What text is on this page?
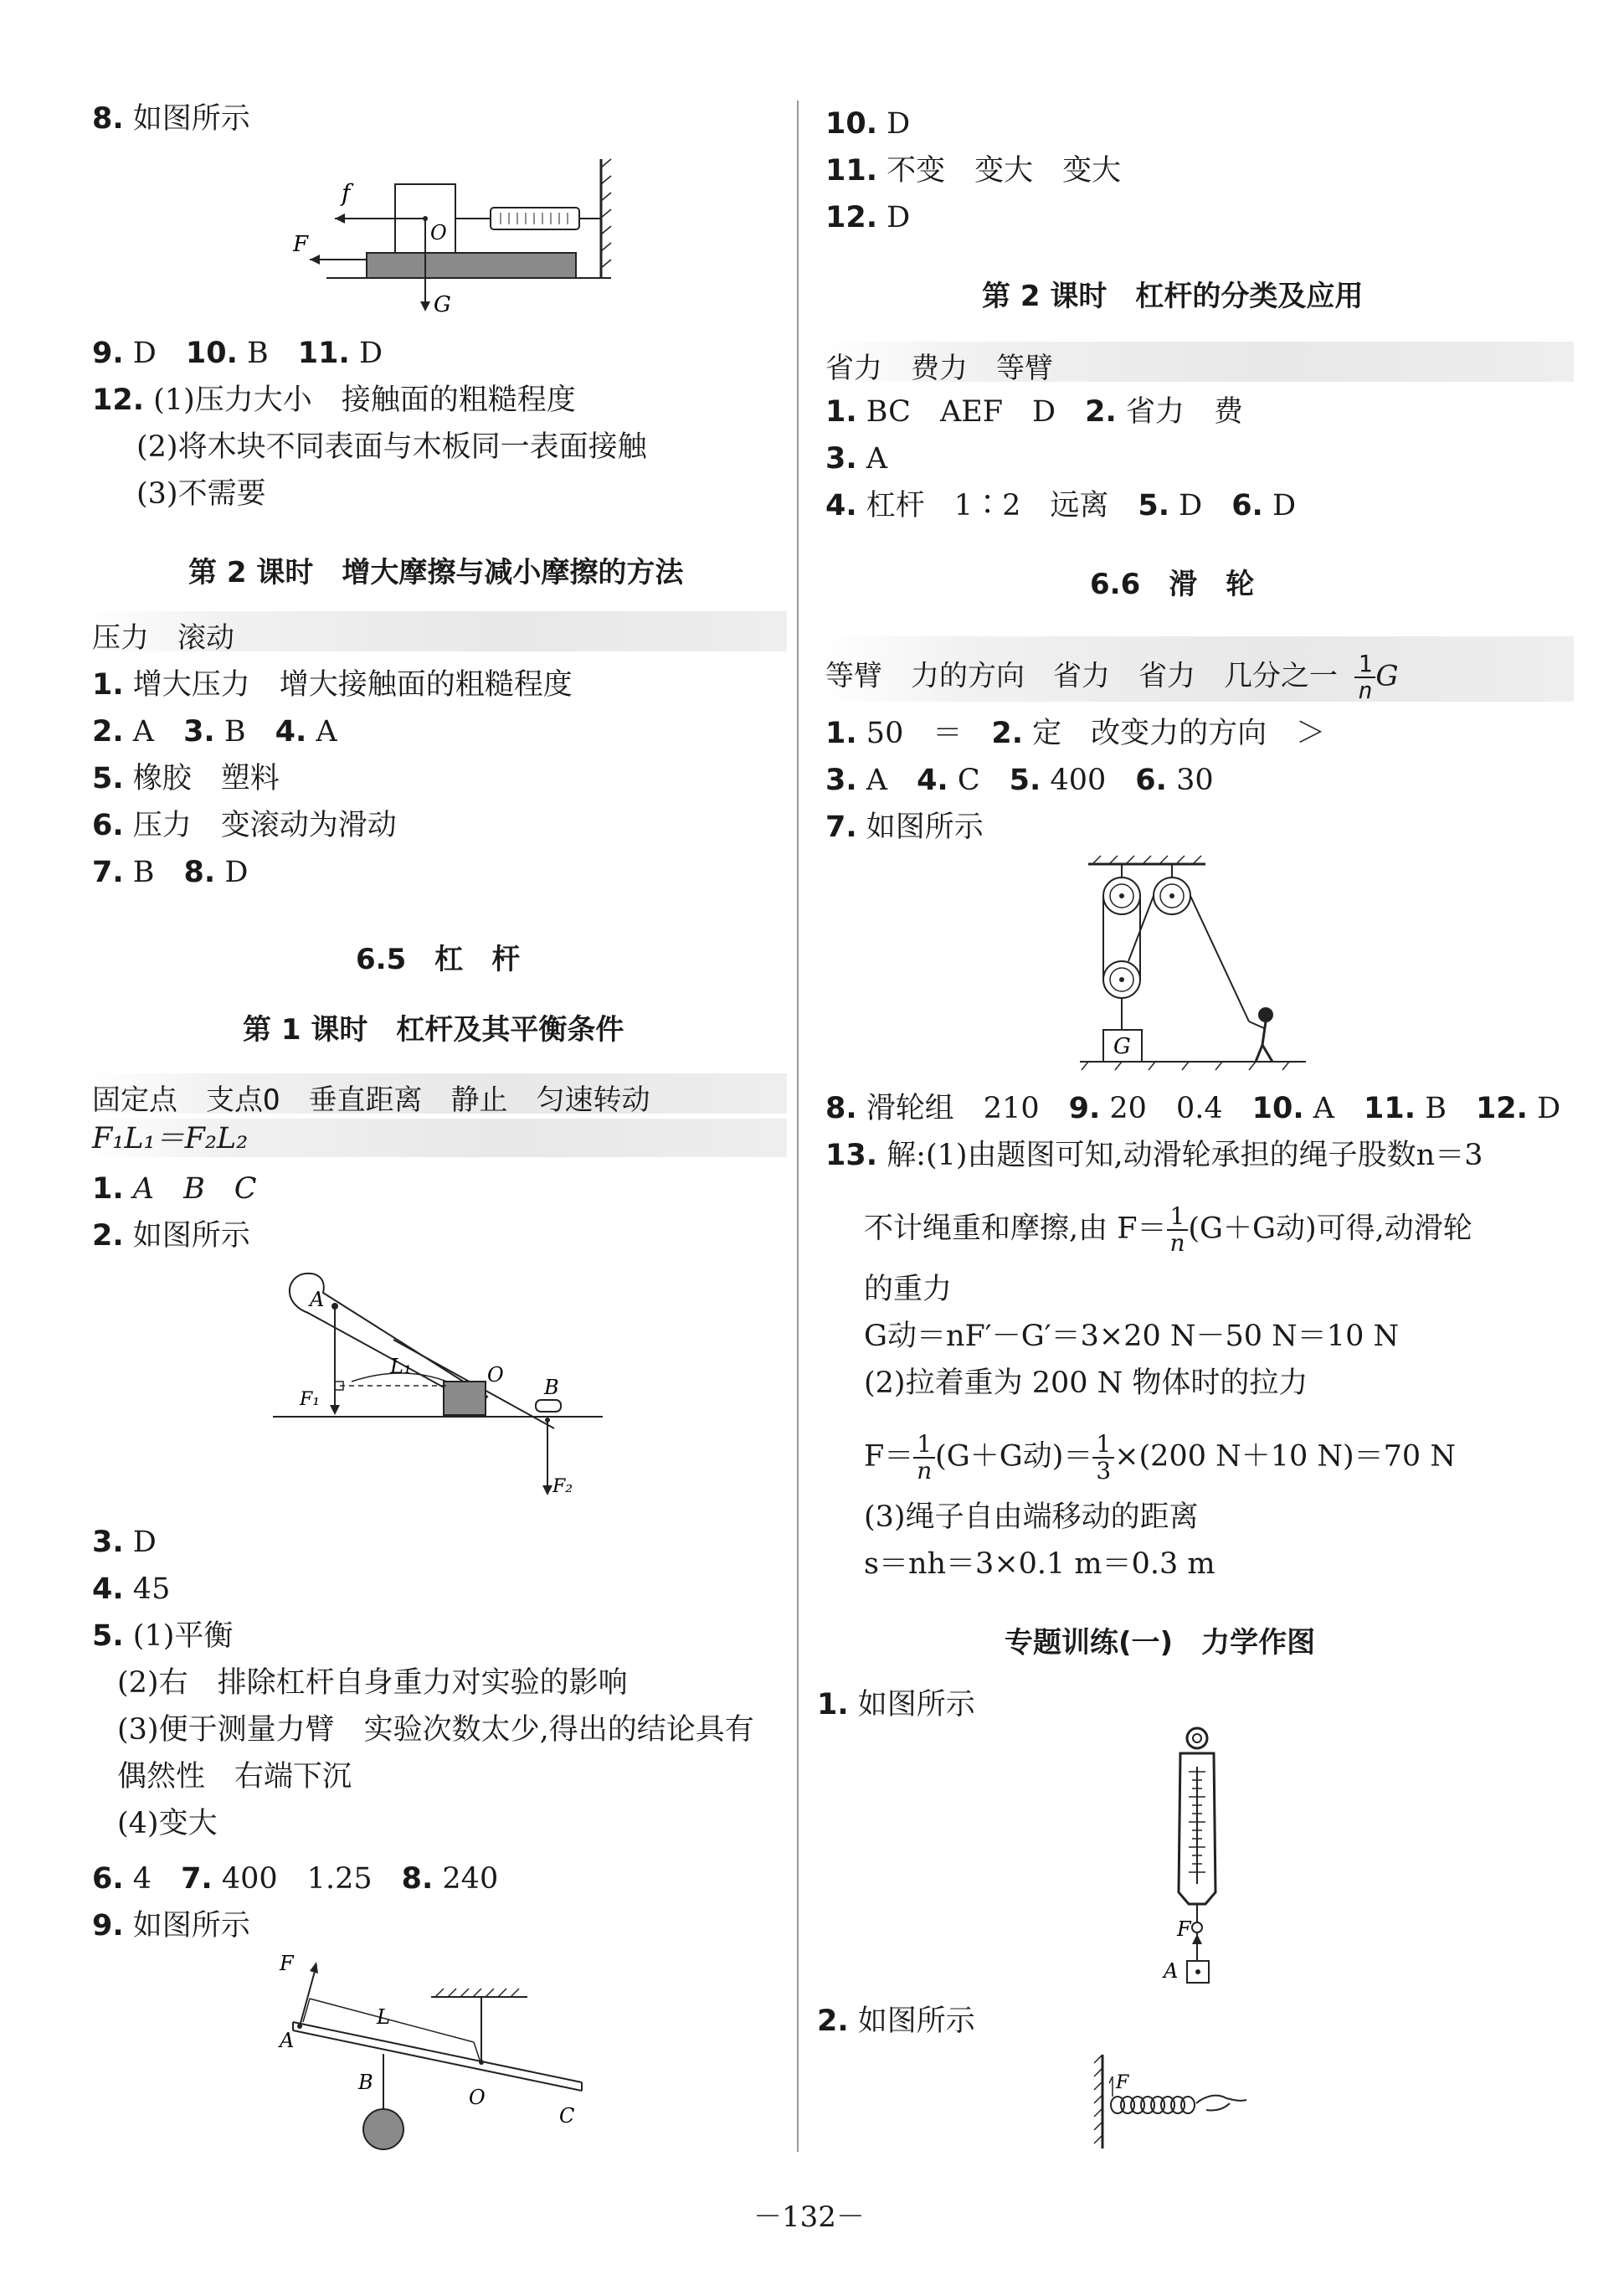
8. 如图所示
f
F	O
G
9. D　 10. B　 11. D
12. (1)压力大小　接触面的粗糙程度
(2)将木块不同表面与木板同一表面接触
(3)不需要
第 2 课时　增大摩擦与减小摩擦的方法
压力　滚动
1. 增大压力　增大接触面的粗糙程度
2. A　3. B　4. A
5. 橡胶　塑料
6. 压力　变滚动为滑动
7. B　8. D
6.5　杠　杆
第 1 课时　杠杆及其平衡条件
固定点　支点O　垂直距离　静止　匀速转动
F₁L₁＝F₂L₂
1. A　B　C
2. 如图所示
A
L₁	O
B
F₁
F₂
3. D
4. 45
5. (1)平衡
(2)右　排除杠杆自身重力对实验的影响
(3)便于测量力臂　实验次数太少,得出的结论具有
偶然性　右端下沉
(4)变大
6. 4　7. 400　1.25　8. 240
9. 如图所示
F
A
L
B
O
C
10. D
11. 不变　变大　变大
12. D
第 2 课时　杠杆的分类及应用
省力　费力　等臂
1. BC　AEF　D　2. 省力　费
3. A
4. 杠杆　1∶2　远离　5. D　6. D
6.6　滑　轮
等臂　力的方向　省力　省力　几分之一 $\frac{1}{n}$ G
1. 50　＝　2. 定　改变力的方向　＞
3. A　4. C　5. 400　6. 30
7. 如图所示
G
8. 滑轮组　210　9. 20　0.4　10. A　11. B　12. D
13. 解:(1)由题图可知,动滑轮承担的绳子股数n＝3
不计绳重和摩擦,由 $F= \frac{1}{n} (G+G$动)可得,动滑轮
的重力
G动＝nF′－G′＝3×20 N－50 N＝10 N
(2)拉着重为 200 N 物体时的拉力
$F= \frac{1}{n} (G+G$动)＝ $\frac{1}{3} \times(200$ N＋10 N)＝70 N
(3)绳子自由端移动的距离
s＝nh＝3×0.1 m＝0.3 m
专题训练(一)　力学作图
1. 如图所示
F
A
2. 如图所示
F
－132－
